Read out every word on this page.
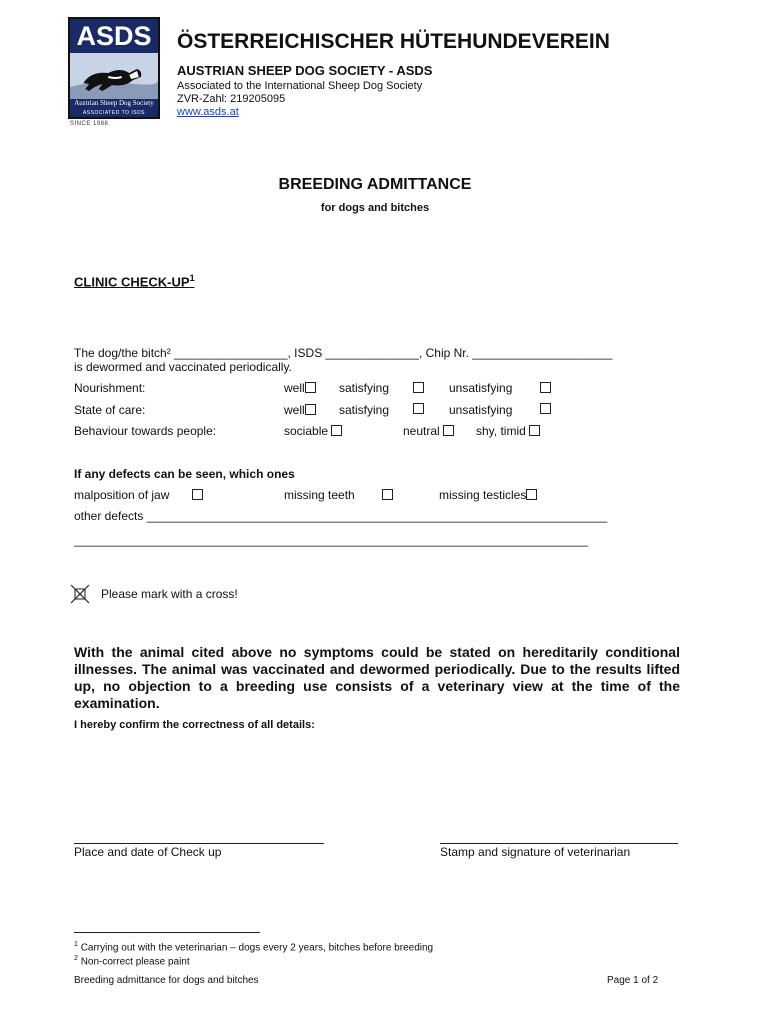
ASDS
Austrian Sheep Dog Society
ASSOCIATED TO ISDS
SINCE 1988
ÖSTERREICHISCHER HÜTEHUNDEVEREIN
AUSTRIAN SHEEP DOG SOCIETY - ASDS
Associated to the International Sheep Dog Society
ZVR-Zahl: 219205095
www.asds.at
BREEDING ADMITTANCE
for dogs and bitches
CLINIC CHECK-$UP^1$
The dog/the bitch² _________________, ISDS ______________, Chip Nr. _____________________
is dewormed and vaccinated periodically.
Nourishment:	well	satisfying	unsatisfying
State of care:	well	satisfying	unsatisfying
Behaviour towards people:	sociable	neutral	shy, timid
If any defects can be seen, which ones
malposition of jaw	missing teeth	missing testicles
other defects _____________________________________________________________________
_____________________________________________________________________________
Please mark with a cross!
With the animal cited above no symptoms could be stated on hereditarily conditional illnesses. The animal was vaccinated and dewormed periodically. Due to the results lifted up, no objection to a breeding use consists of a veterinary view at the time of the examination.
I hereby confirm the correctness of all details:
Place and date of Check up	Stamp and signature of veterinarian
$^1$ Carrying out with the veterinarian – dogs every 2 years, bitches before breeding
$^2$ Non-correct please paint
Breeding admittance for dogs and bitches	Page 1 of 2
